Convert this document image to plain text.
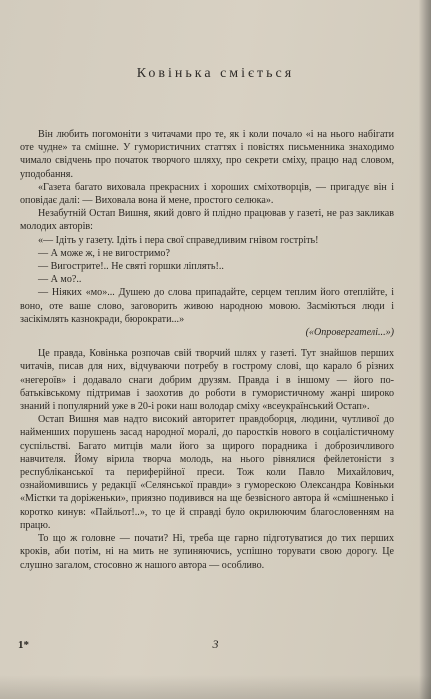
Ковінька сміється

Він любить погомоніти з читачами про те, як і коли почало «і на нього набігати оте чудне» та смішне. У гумористичних статтях і повістях письменника знаходимо чимало свідчень про початок творчого шляху, про секрети сміху, працю над словом, уподобання.

«Газета багато виховала прекрасних і хороших сміхотворців, — пригадує він і оповідає далі: — Виховала вона й мене, простого селюка».

Незабутній Остап Вишня, який довго й плідно працював у газеті, не раз закликав молодих авторів:

«— Ідіть у газету. Ідіть і пера свої справедливим гнівом гостріть!

— А може ж, і не вигостримо?

— Вигострите!.. Не святі горшки ліплять!..

— А мо?..

— Ніяких «мо»... Душею до слова припадайте, серцем теплим його отеплійте, і воно, оте ваше слово, заговорить живою народною мовою. Засміються люди і засікімлять казнокради, бюрократи...»

(«Опровергателі...»)

Це правда, Ковінька розпочав свій творчий шлях у газеті. Тут знайшов перших читачів, писав для них, відчуваючи потребу в гострому слові, що карало б різних «негероїв» і додавало снаги добрим друзям. Правда і в іншому — його по-батьківському підтримав і заохотив до роботи в гумористичному жанрі широко знаний і популярний уже в 20-і роки наш володар сміху «всеукраїнський Остап».

Остап Вишня мав надто високий авторитет правдоборця, людини, чутливої до найменших порушень засад народної моралі, до паростків нового в соціалістичному суспільстві. Багато митців мали його за щирого порадника і доброзичливого навчителя. Йому вірила творча молодь, на нього рівнялися фейлетоністи з республіканської та периферійної преси. Тож коли Павло Михайлович, ознайомившись у редакції «Селянської правди» з гуморескою Олександра Ковіньки «Містки та доріженьки», приязно подивився на ще безвісного автора й «смішненько і коротко кинув: «Пайльот!..», то це й справді було окрилюючим благословенням на працю.

То що ж головне — почати? Ні, треба ще гарно підготуватися до тих перших кроків, аби потім, ні на мить не зупиняючись, успішно торувати свою дорогу. Це слушно загалом, стосовно ж нашого автора — особливо.

1*	3
